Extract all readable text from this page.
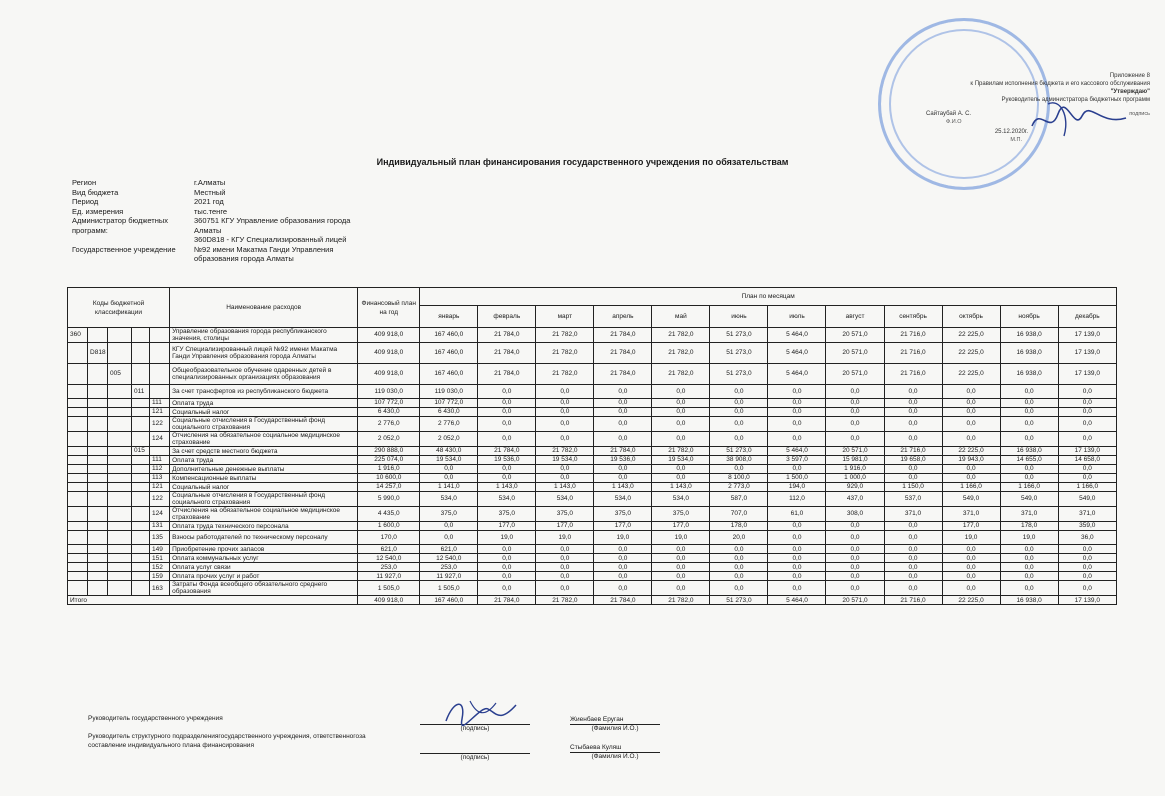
Приложение 8
к Правилам исполнения бюджета и его кассового обслуживания
"Утверждаю"
Руководитель администратора бюджетных программ
Сайтаубай А. С.	подпись
Ф.И.О
25.12.2020г.
М.П.
Индивидуальный план финансирования государственного учреждения по обязательствам
Регион	г.Алматы
Вид бюджета	Местный
Период	2021 год
Ед. измерения	тыс.тенге
Администратор бюджетных программ:	360751 КГУ Управление образования города Алматы
	360D818 - КГУ Специализированный лицей
Государственное учреждение	№92 имени Макатма Ганди Управления образования города Алматы
Коды бюджетной классификации					Наименование расходов	Финансовый план на год	План по месяцам											
							январь	февраль	март	апрель	май	июнь	июль	август	сентябрь	октябрь	ноябрь	декабрь
360					Управление образования города республиканского значения, столицы	409 918,0	167 460,0	21 784,0	21 782,0	21 784,0	21 782,0	51 273,0	5 464,0	20 571,0	21 716,0	22 225,0	16 938,0	17 139,0
	D818				КГУ Специализированный лицей №92 имени Макатма Ганди Управления образования города Алматы	409 918,0	167 460,0	21 784,0	21 782,0	21 784,0	21 782,0	51 273,0	5 464,0	20 571,0	21 716,0	22 225,0	16 938,0	17 139,0
		005			Общеобразовательное обучение одаренных детей в специализированных организациях образования	409 918,0	167 460,0	21 784,0	21 782,0	21 784,0	21 782,0	51 273,0	5 464,0	20 571,0	21 716,0	22 225,0	16 938,0	17 139,0
			011		За счет трансфертов из республиканского бюджета	119 030,0	119 030,0	0,0	0,0	0,0	0,0	0,0	0,0	0,0	0,0	0,0	0,0	0,0
				111	Оплата труда	107 772,0	107 772,0	0,0	0,0	0,0	0,0	0,0	0,0	0,0	0,0	0,0	0,0	0,0
				121	Социальный налог	6 430,0	6 430,0	0,0	0,0	0,0	0,0	0,0	0,0	0,0	0,0	0,0	0,0	0,0
				122	Социальные отчисления в Государственный фонд социального страхования	2 776,0	2 776,0	0,0	0,0	0,0	0,0	0,0	0,0	0,0	0,0	0,0	0,0	0,0
				124	Отчисления на обязательное социальное медицинское страхование	2 052,0	2 052,0	0,0	0,0	0,0	0,0	0,0	0,0	0,0	0,0	0,0	0,0	0,0
			015		За счет средств местного бюджета	290 888,0	48 430,0	21 784,0	21 782,0	21 784,0	21 782,0	51 273,0	5 464,0	20 571,0	21 716,0	22 225,0	16 938,0	17 139,0
				111	Оплата труда	225 074,0	19 534,0	19 536,0	19 534,0	19 536,0	19 534,0	38 908,0	3 597,0	15 981,0	19 658,0	19 943,0	14 655,0	14 658,0
				112	Дополнительные денежные выплаты	1 916,0	0,0	0,0	0,0	0,0	0,0	0,0	0,0	1 916,0	0,0	0,0	0,0	0,0
				113	Компенсационные выплаты	10 600,0	0,0	0,0	0,0	0,0	0,0	8 100,0	1 500,0	1 000,0	0,0	0,0	0,0	0,0
				121	Социальный налог	14 257,0	1 141,0	1 143,0	1 143,0	1 143,0	1 143,0	2 773,0	194,0	929,0	1 150,0	1 166,0	1 166,0	1 166,0
				122	Социальные отчисления в Государственный фонд социального страхования	5 990,0	534,0	534,0	534,0	534,0	534,0	587,0	112,0	437,0	537,0	549,0	549,0	549,0
				124	Отчисления на обязательное социальное медицинское страхование	4 435,0	375,0	375,0	375,0	375,0	375,0	707,0	61,0	308,0	371,0	371,0	371,0	371,0
				131	Оплата труда технического персонала	1 600,0	0,0	177,0	177,0	177,0	177,0	178,0	0,0	0,0	0,0	177,0	178,0	359,0
				135	Взносы работодателей по техническому персоналу	170,0	0,0	19,0	19,0	19,0	19,0	20,0	0,0	0,0	0,0	19,0	19,0	36,0
				149	Приобретение прочих запасов	621,0	621,0	0,0	0,0	0,0	0,0	0,0	0,0	0,0	0,0	0,0	0,0	0,0
				151	Оплата коммунальных услуг	12 540,0	12 540,0	0,0	0,0	0,0	0,0	0,0	0,0	0,0	0,0	0,0	0,0	0,0
				152	Оплата услуг связи	253,0	253,0	0,0	0,0	0,0	0,0	0,0	0,0	0,0	0,0	0,0	0,0	0,0
				159	Оплата прочих услуг и работ	11 927,0	11 927,0	0,0	0,0	0,0	0,0	0,0	0,0	0,0	0,0	0,0	0,0	0,0
				163	Затраты Фонда всеобщего обязательного среднего образования	1 505,0	1 505,0	0,0	0,0	0,0	0,0	0,0	0,0	0,0	0,0	0,0	0,0	0,0
Итого						409 918,0	167 460,0	21 784,0	21 782,0	21 784,0	21 782,0	51 273,0	5 464,0	20 571,0	21 716,0	22 225,0	16 938,0	17 139,0
Руководитель государственного учреждения
Руководитель структурного подразделениягосударственного учреждения, ответственногоза составление индивидуального плана финансирования
(подпись)
Жиенбаев Еруган
(Фамилия И.О.)
(подпись)
Стыбаева Куляш
(Фамилия И.О.)
